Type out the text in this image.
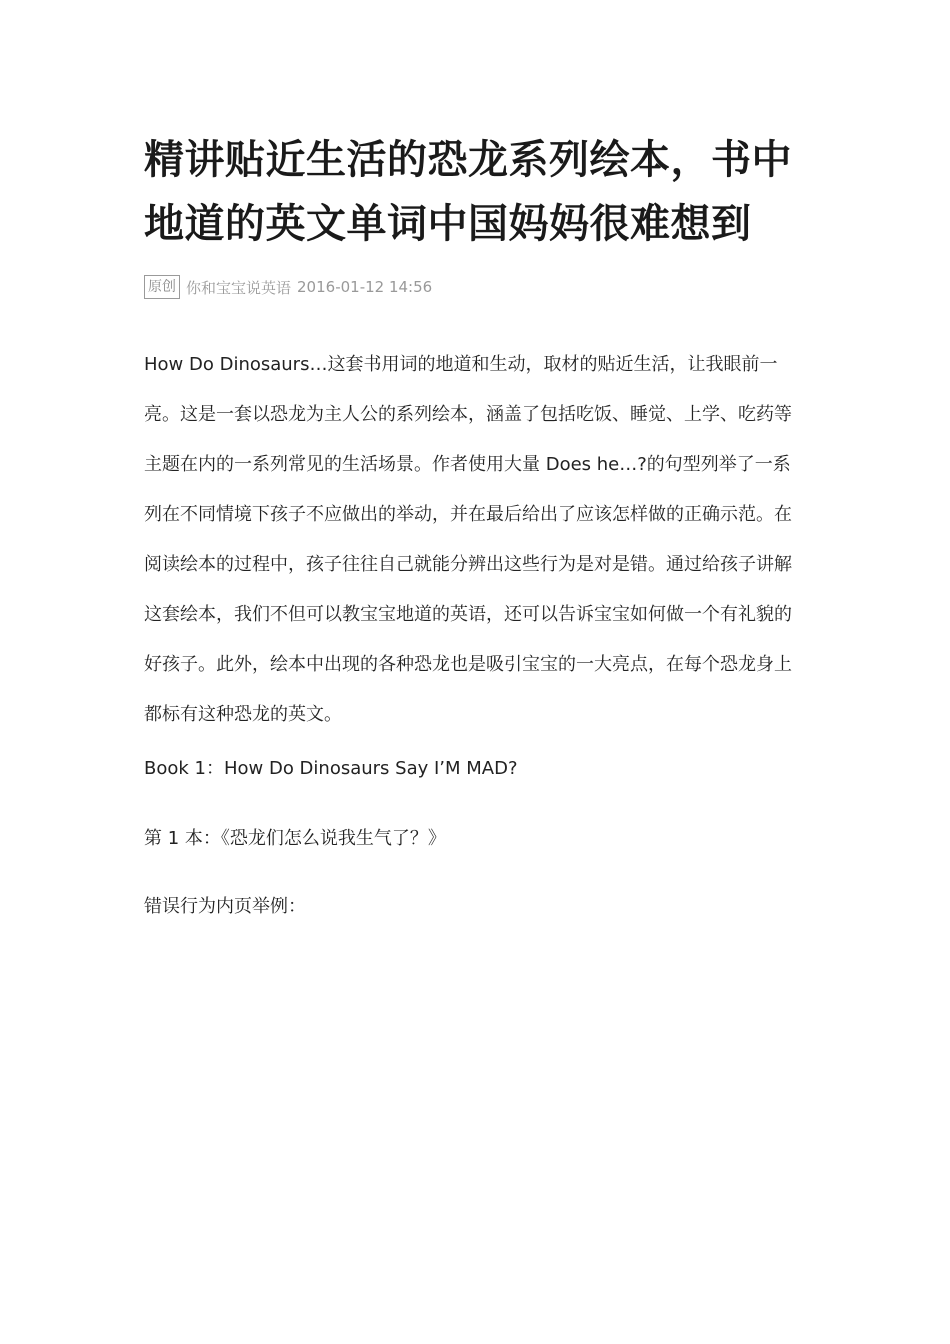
精讲贴近生活的恐龙系列绘本，书中地道的英文单词中国妈妈很难想到
原创 你和宝宝说英语 2016-01-12 14:56

How Do Dinosaurs…这套书用词的地道和生动，取材的贴近生活，让我眼前一亮。这是一套以恐龙为主人公的系列绘本，涵盖了包括吃饭、睡觉、上学、吃药等主题在内的一系列常见的生活场景。作者使用大量 Does he…?的句型列举了一系列在不同情境下孩子不应做出的举动，并在最后给出了应该怎样做的正确示范。在阅读绘本的过程中，孩子往往自己就能分辨出这些行为是对是错。通过给孩子讲解这套绘本，我们不但可以教宝宝地道的英语，还可以告诉宝宝如何做一个有礼貌的好孩子。此外，绘本中出现的各种恐龙也是吸引宝宝的一大亮点，在每个恐龙身上都标有这种恐龙的英文。

Book 1：How Do Dinosaurs Say I’M MAD?

第 1 本：《恐龙们怎么说我生气了？》

错误行为内页举例：
